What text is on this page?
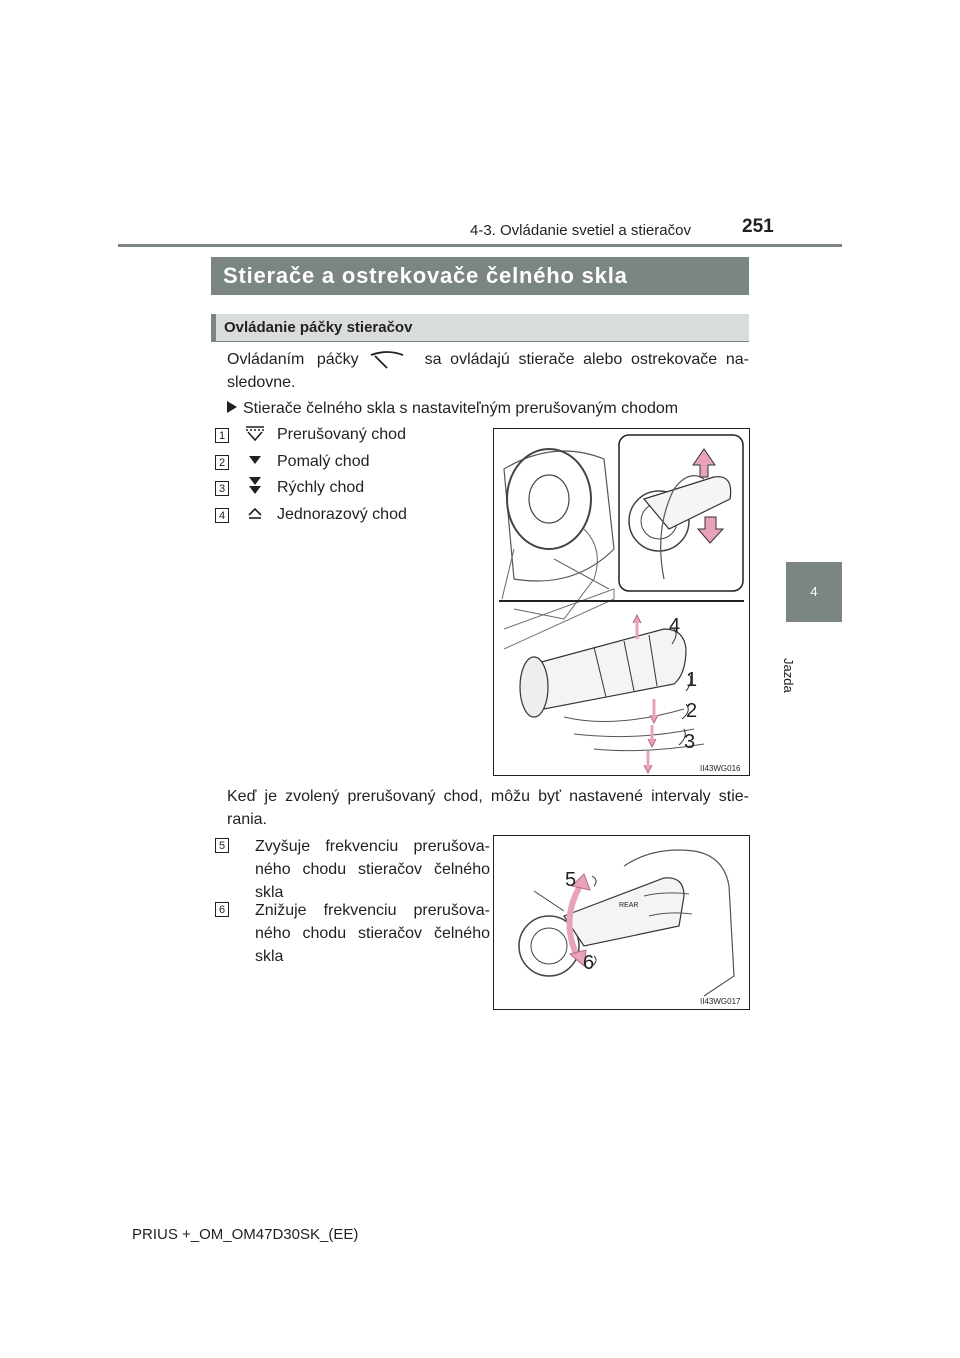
4-3. Ovládanie svetiel a stieračov	251
4
Jazda
Stierače a ostrekovače čelného skla
Ovládanie páčky stieračov
Ovládaním páčky	sa ovládajú stierače alebo ostrekovače na-
sledovne.
Stierače čelného skla s nastaviteľným prerušovaným chodom
1	Prerušovaný chod
2	Pomalý chod
3	Rýchly chod
4	Jednorazový chod
4
1
2
3
II43WG016
Keď je zvolený prerušovaný chod, môžu byť nastavené intervaly stie-
rania.
5 Zvyšuje frekvenciu prerušova-
ného chodu stieračov čelného
skla
6 Znižuje frekvenciu prerušova-
ného chodu stieračov čelného
skla
REAR
5
6
II43WG017
PRIUS +_OM_OM47D30SK_(EE)
